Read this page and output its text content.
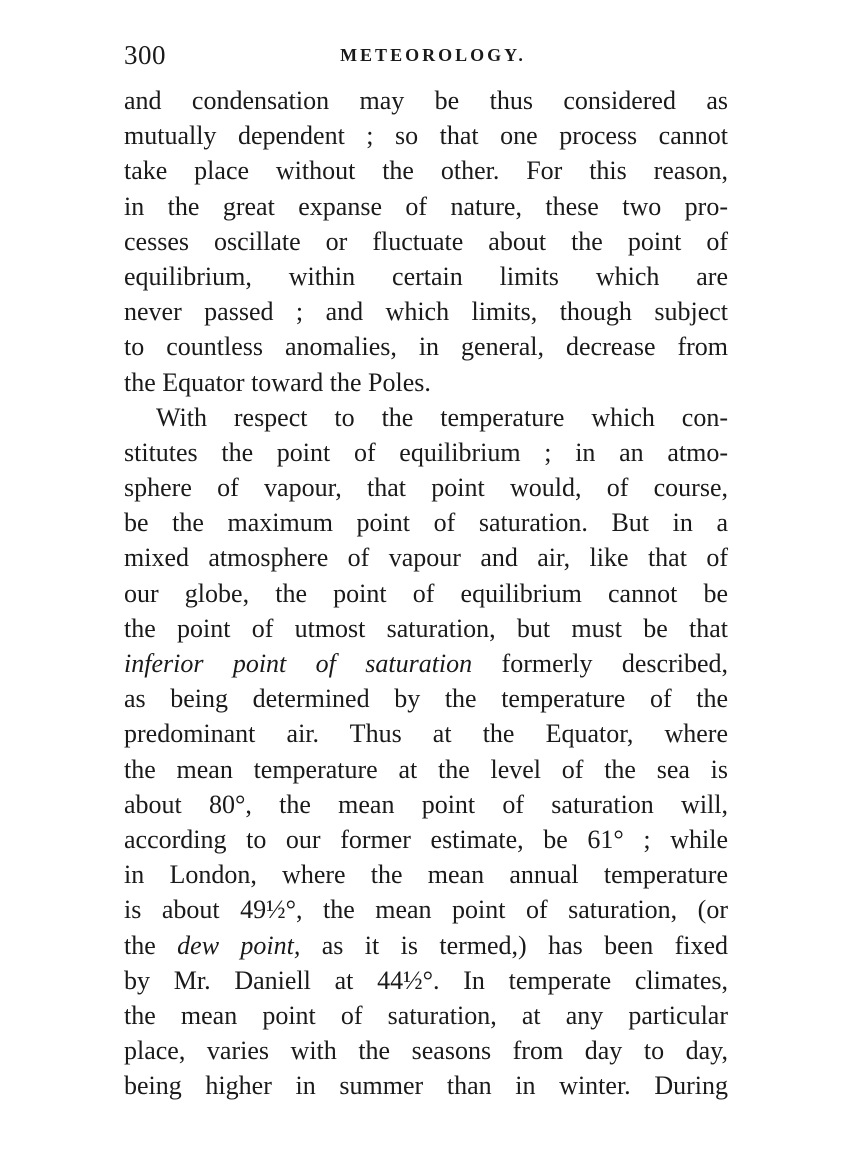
300	METEOROLOGY.
and condensation may be thus considered as
mutually dependent ; so that one process cannot
take place without the other. For this reason,
in the great expanse of nature, these two pro-
cesses oscillate or fluctuate about the point of
equilibrium, within certain limits which are
never passed ; and which limits, though subject
to countless anomalies, in general, decrease from
the Equator toward the Poles.
With respect to the temperature which con-
stitutes the point of equilibrium ; in an atmo-
sphere of vapour, that point would, of course,
be the maximum point of saturation. But in a
mixed atmosphere of vapour and air, like that of
our globe, the point of equilibrium cannot be
the point of utmost saturation, but must be that
inferior point of saturation formerly described,
as being determined by the temperature of the
predominant air. Thus at the Equator, where
the mean temperature at the level of the sea is
about 80°, the mean point of saturation will,
according to our former estimate, be 61° ; while
in London, where the mean annual temperature
is about 49½°, the mean point of saturation, (or
the dew point, as it is termed,) has been fixed
by Mr. Daniell at 44½°. In temperate climates,
the mean point of saturation, at any particular
place, varies with the seasons from day to day,
being higher in summer than in winter. During
